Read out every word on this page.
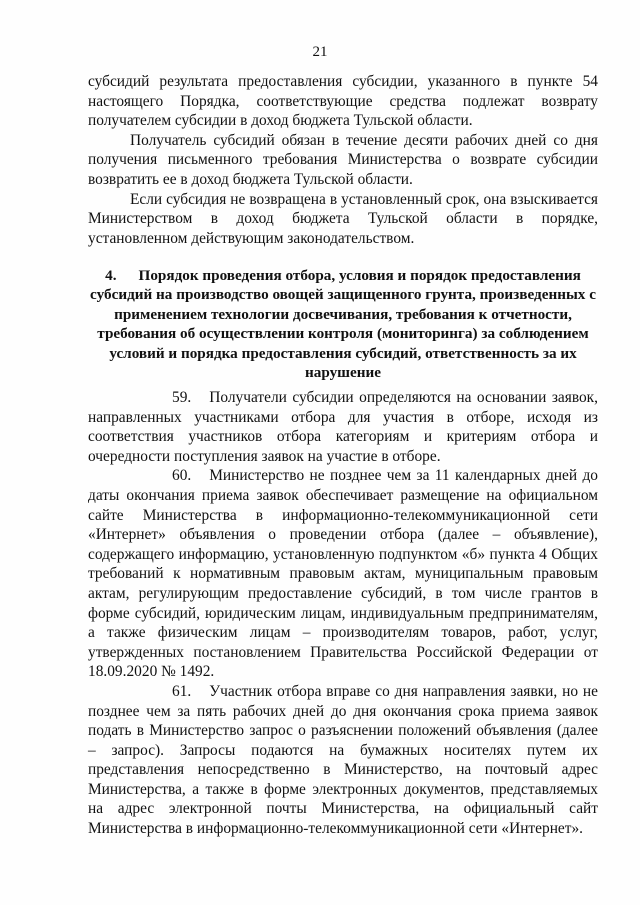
21

субсидий результата предоставления субсидии, указанного в пункте 54 настоящего Порядка, соответствующие средства подлежат возврату получателем субсидии в доход бюджета Тульской области.

Получатель субсидий обязан в течение десяти рабочих дней со дня получения письменного требования Министерства о возврате субсидии возвратить ее в доход бюджета Тульской области.

Если субсидия не возвращена в установленный срок, она взыскивается Министерством в доход бюджета Тульской области в порядке, установленном действующим законодательством.

4. Порядок проведения отбора, условия и порядок предоставления субсидий на производство овощей защищенного грунта, произведенных с применением технологии досвечивания, требования к отчетности, требования об осуществлении контроля (мониторинга) за соблюдением условий и порядка предоставления субсидий, ответственность за их нарушение

59. Получатели субсидии определяются на основании заявок, направленных участниками отбора для участия в отборе, исходя из соответствия участников отбора категориям и критериям отбора и очередности поступления заявок на участие в отборе.

60. Министерство не позднее чем за 11 календарных дней до даты окончания приема заявок обеспечивает размещение на официальном сайте Министерства в информационно-телекоммуникационной сети «Интернет» объявления о проведении отбора (далее – объявление), содержащего информацию, установленную подпунктом «б» пункта 4 Общих требований к нормативным правовым актам, муниципальным правовым актам, регулирующим предоставление субсидий, в том числе грантов в форме субсидий, юридическим лицам, индивидуальным предпринимателям, а также физическим лицам – производителям товаров, работ, услуг, утвержденных постановлением Правительства Российской Федерации от 18.09.2020 № 1492.

61. Участник отбора вправе со дня направления заявки, но не позднее чем за пять рабочих дней до дня окончания срока приема заявок подать в Министерство запрос о разъяснении положений объявления (далее – запрос). Запросы подаются на бумажных носителях путем их представления непосредственно в Министерство, на почтовый адрес Министерства, а также в форме электронных документов, представляемых на адрес электронной почты Министерства, на официальный сайт Министерства в информационно-телекоммуникационной сети «Интернет».
